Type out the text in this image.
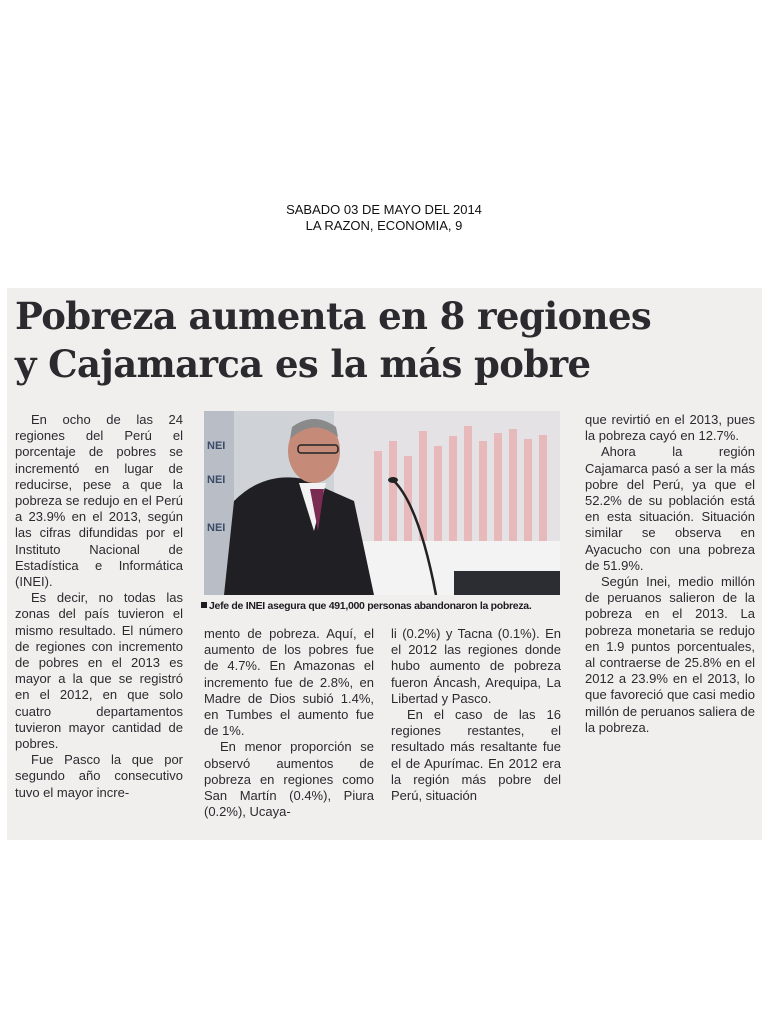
SABADO 03 DE MAYO DEL 2014
LA RAZON, ECONOMIA, 9
Pobreza aumenta en 8 regiones
y Cajamarca es la más pobre

En ocho de las 24 regiones del Perú el porcentaje de pobres se incrementó en lugar de reducirse, pese a que la pobreza se redujo en el Perú a 23.9% en el 2013, según las cifras difundidas por el Instituto Nacional de Estadística e Informática (INEI).

Es decir, no todas las zonas del país tuvieron el mismo resultado. El número de regiones con incremento de pobres en el 2013 es mayor a la que se registró en el 2012, en que solo cuatro departamentos tuvieron mayor cantidad de pobres.

Fue Pasco la que por segundo año consecutivo tuvo el mayor incre-

NEI
NEI
NEI
Jefe de INEI asegura que 491,000 personas abandonaron la pobreza.

mento de pobreza. Aquí, el aumento de los pobres fue de 4.7%. En Amazonas el incremento fue de 2.8%, en Madre de Dios subió 1.4%, en Tumbes el aumento fue de 1%.

En menor proporción se observó aumentos de pobreza en regiones como San Martín (0.4%), Piura (0.2%), Ucaya-

li (0.2%) y Tacna (0.1%). En el 2012 las regiones donde hubo aumento de pobreza fueron Áncash, Arequipa, La Libertad y Pasco.

En el caso de las 16 regiones restantes, el resultado más resaltante fue el de Apurímac. En 2012 era la región más pobre del Perú, situación

que revirtió en el 2013, pues la pobreza cayó en 12.7%.

Ahora la región Cajamarca pasó a ser la más pobre del Perú, ya que el 52.2% de su población está en esta situación. Situación similar se observa en Ayacucho con una pobreza de 51.9%.

Según Inei, medio millón de peruanos salieron de la pobreza en el 2013. La pobreza monetaria se redujo en 1.9 puntos porcentuales, al contraerse de 25.8% en el 2012 a 23.9% en el 2013, lo que favoreció que casi medio millón de peruanos saliera de la pobreza.
